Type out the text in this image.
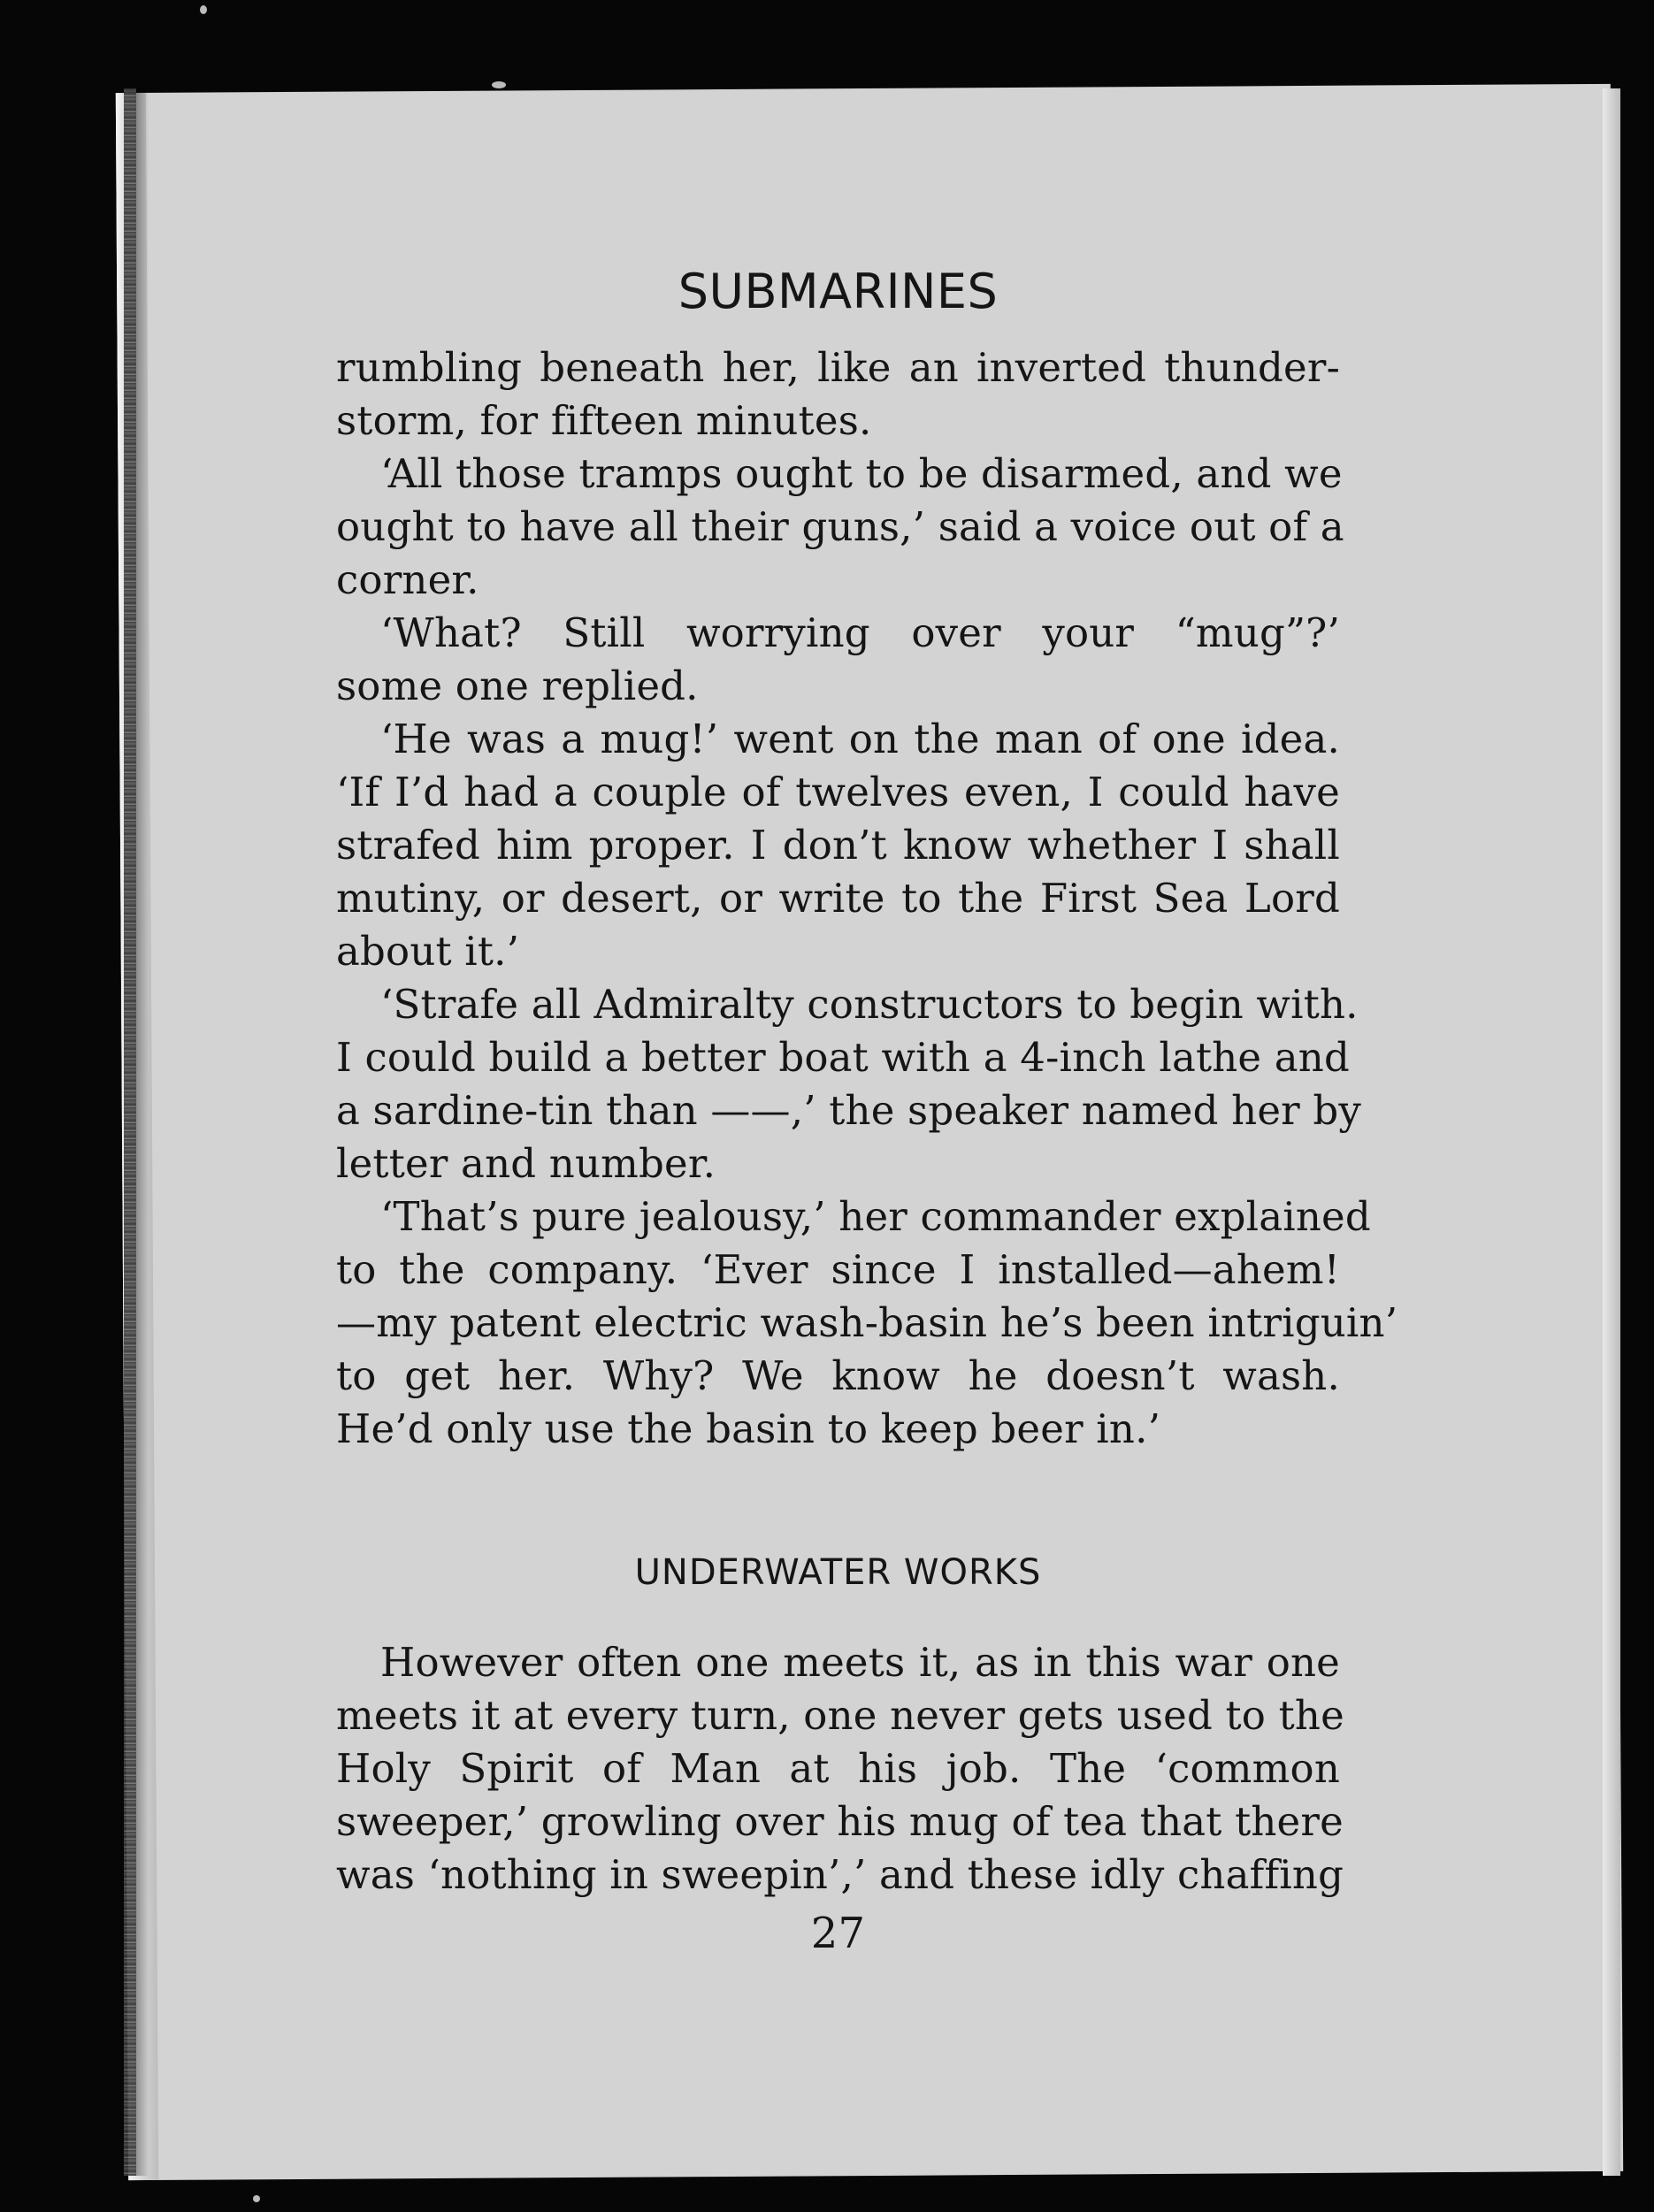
SUBMARINES
rumbling beneath her, like an inverted thunder-
storm, for fifteen minutes.
‘All those tramps ought to be disarmed, and we
ought to have all their guns,’ said a voice out of a
corner.
‘What? Still worrying over your “mug”?’
some one replied.
‘He was a mug!’ went on the man of one idea.
‘If I’d had a couple of twelves even, I could have
strafed him proper. I don’t know whether I shall
mutiny, or desert, or write to the First Sea Lord
about it.’
‘Strafe all Admiralty constructors to begin with.
I could build a better boat with a 4-inch lathe and
a sardine-tin than ——,’ the speaker named her by
letter and number.
‘That’s pure jealousy,’ her commander explained
to the company. ‘Ever since I installed—ahem!
—my patent electric wash-basin he’s been intriguin’
to get her. Why? We know he doesn’t wash.
He’d only use the basin to keep beer in.’
UNDERWATER WORKS
However often one meets it, as in this war one
meets it at every turn, one never gets used to the
Holy Spirit of Man at his job. The ‘common
sweeper,’ growling over his mug of tea that there
was ‘nothing in sweepin’,’ and these idly chaffing
27
